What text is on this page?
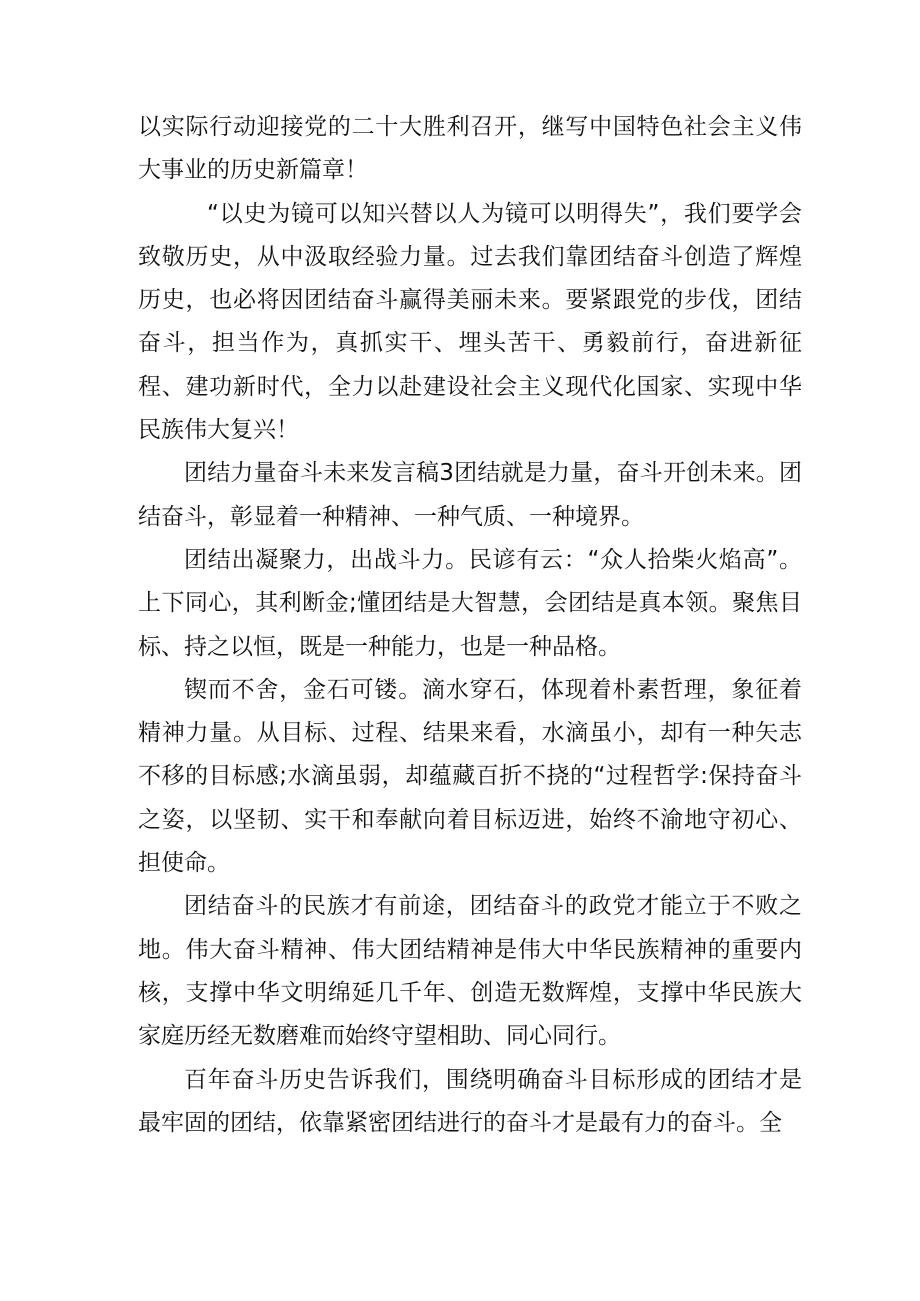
以实际行动迎接党的二十大胜利召开，继写中国特色社会主义伟大事业的历史新篇章！

“以史为镜可以知兴替以人为镜可以明得失”，我们要学会致敬历史，从中汲取经验力量。过去我们靠团结奋斗创造了辉煌历史，也必将因团结奋斗赢得美丽未来。要紧跟党的步伐，团结奋斗，担当作为，真抓实干、埋头苦干、勇毅前行，奋进新征程、建功新时代，全力以赴建设社会主义现代化国家、实现中华民族伟大复兴！

团结力量奋斗未来发言稿3团结就是力量，奋斗开创未来。团结奋斗，彰显着一种精神、一种气质、一种境界。

团结出凝聚力，出战斗力。民谚有云：“众人拾柴火焰高”。上下同心，其利断金;懂团结是大智慧，会团结是真本领。聚焦目标、持之以恒，既是一种能力，也是一种品格。

锲而不舍，金石可镂。滴水穿石，体现着朴素哲理，象征着精神力量。从目标、过程、结果来看，水滴虽小，却有一种矢志不移的目标感;水滴虽弱，却蕴藏百折不挠的“过程哲学:保持奋斗之姿，以坚韧、实干和奉献向着目标迈进，始终不渝地守初心、担使命。

团结奋斗的民族才有前途，团结奋斗的政党才能立于不败之地。伟大奋斗精神、伟大团结精神是伟大中华民族精神的重要内核，支撑中华文明绵延几千年、创造无数辉煌，支撑中华民族大家庭历经无数磨难而始终守望相助、同心同行。

百年奋斗历史告诉我们，围绕明确奋斗目标形成的团结才是最牢固的团结，依靠紧密团结进行的奋斗才是最有力的奋斗。全
